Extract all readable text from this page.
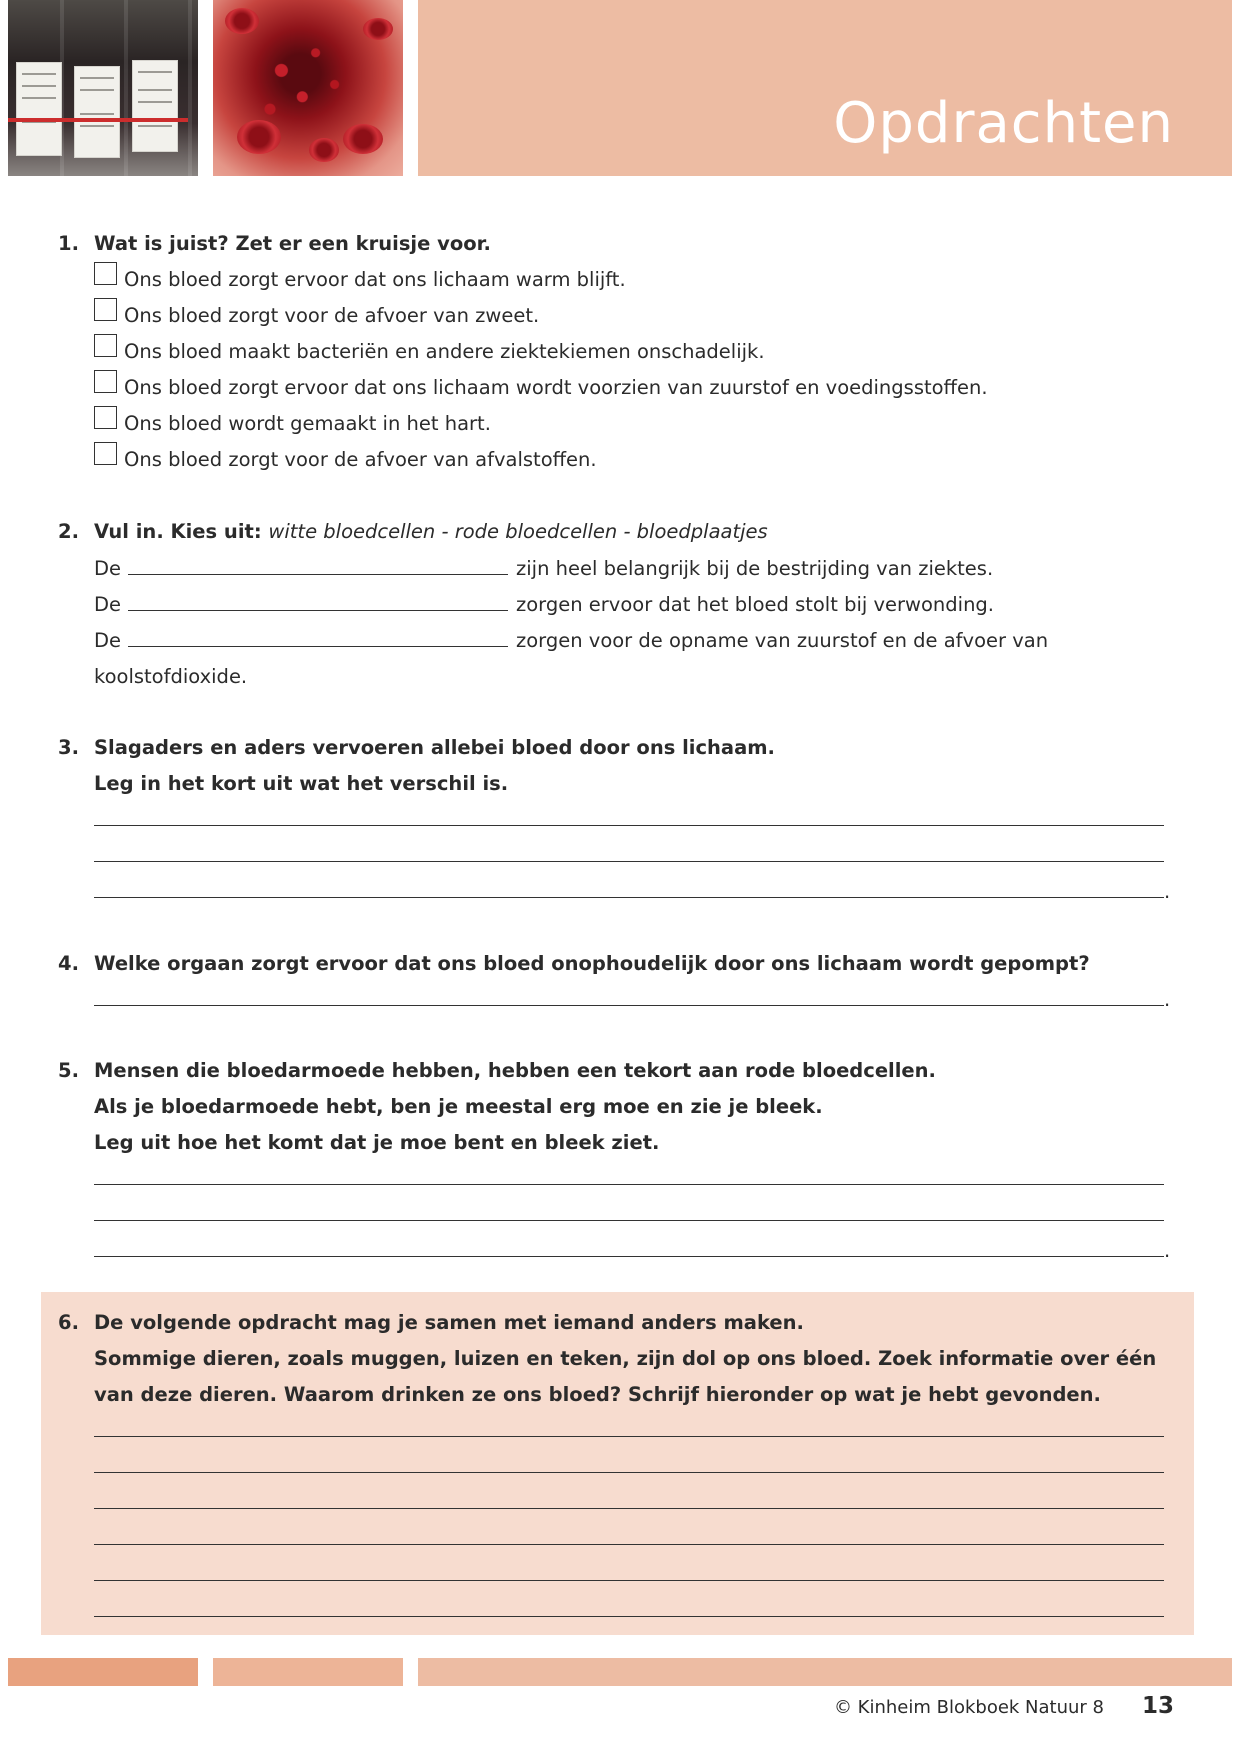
Opdrachten
1. Wat is juist? Zet er een kruisje voor.
Ons bloed zorgt ervoor dat ons lichaam warm blijft.
Ons bloed zorgt voor de afvoer van zweet.
Ons bloed maakt bacteriën en andere ziektekiemen onschadelijk.
Ons bloed zorgt ervoor dat ons lichaam wordt voorzien van zuurstof en voedingsstoffen.
Ons bloed wordt gemaakt in het hart.
Ons bloed zorgt voor de afvoer van afvalstoffen.
2. Vul in. Kies uit: witte bloedcellen - rode bloedcellen - bloedplaatjes
De	zijn heel belangrijk bij de bestrijding van ziektes.
De	zorgen ervoor dat het bloed stolt bij verwonding.
De	zorgen voor de opname van zuurstof en de afvoer van
koolstofdioxide.
3. Slagaders en aders vervoeren allebei bloed door ons lichaam.
Leg in het kort uit wat het verschil is.
.
4. Welke orgaan zorgt ervoor dat ons bloed onophoudelijk door ons lichaam wordt gepompt?
.
5. Mensen die bloedarmoede hebben, hebben een tekort aan rode bloedcellen.
Als je bloedarmoede hebt, ben je meestal erg moe en zie je bleek.
Leg uit hoe het komt dat je moe bent en bleek ziet.
.
6. De volgende opdracht mag je samen met iemand anders maken.
Sommige dieren, zoals muggen, luizen en teken, zijn dol op ons bloed. Zoek informatie over één
van deze dieren. Waarom drinken ze ons bloed? Schrijf hieronder op wat je hebt gevonden.
© Kinheim Blokboek Natuur 8 13
